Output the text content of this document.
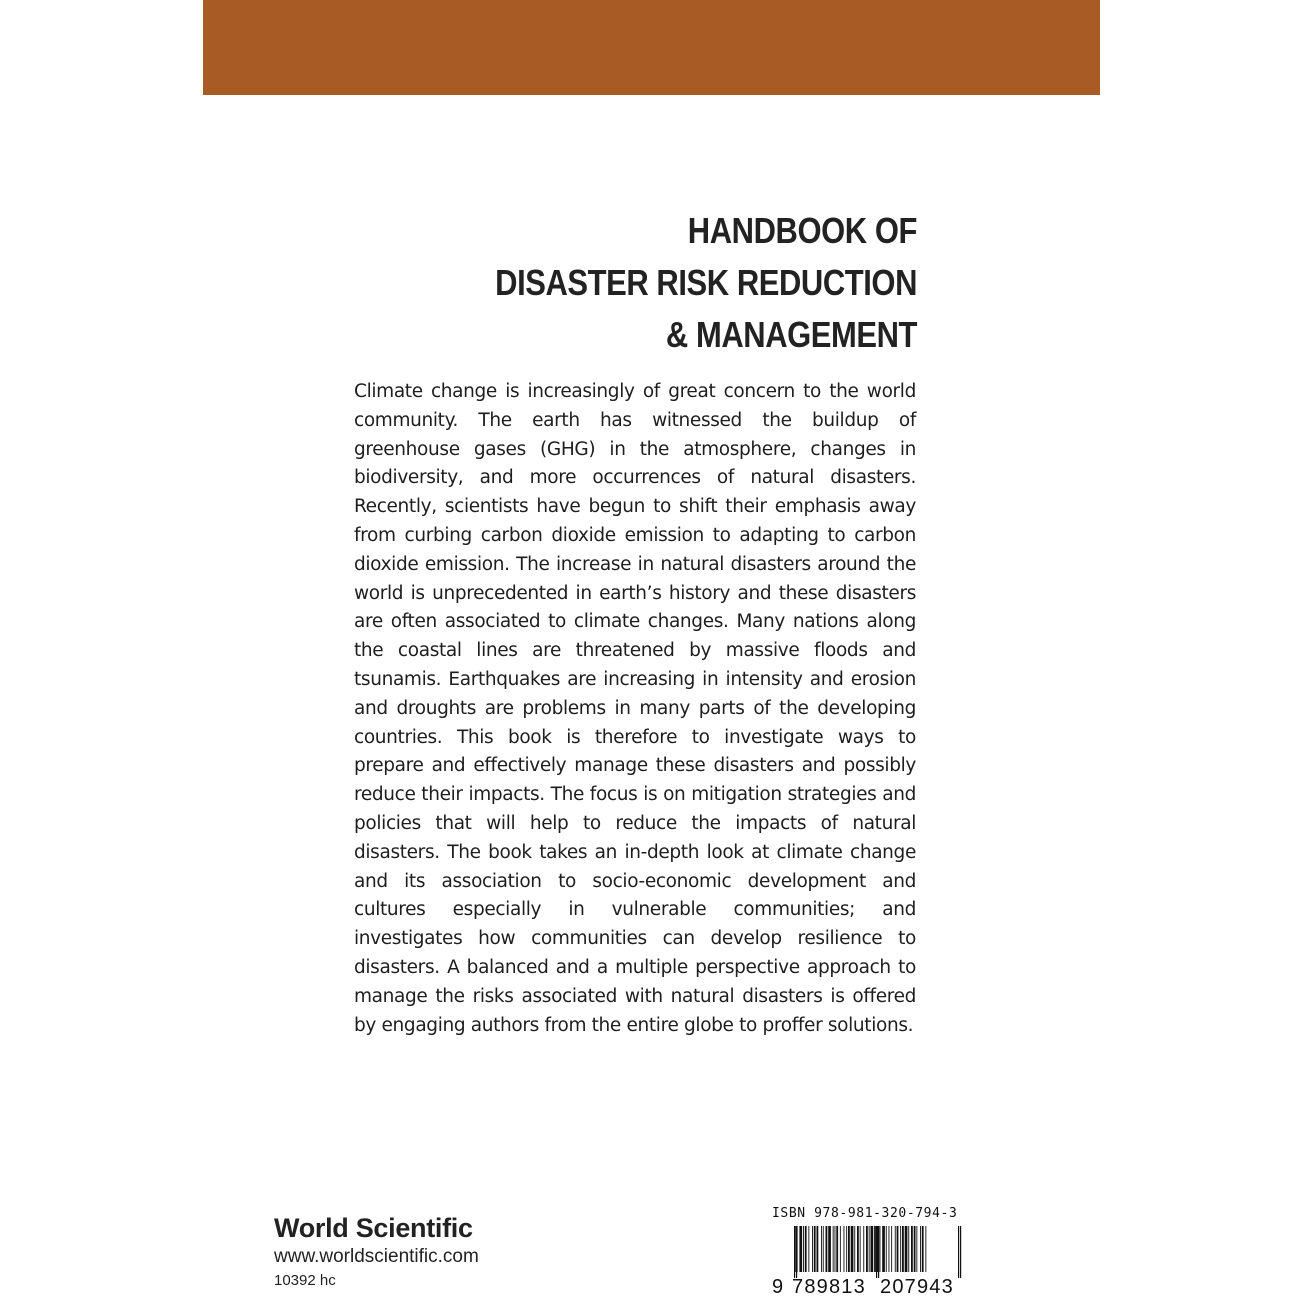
HANDBOOK OF
DISASTER RISK REDUCTION
& MANAGEMENT
Climate change is increasingly of great concern to the world community. The earth has witnessed the buildup of greenhouse gases (GHG) in the atmosphere, changes in biodiversity, and more occurrences of natural disasters. Recently, scientists have begun to shift their emphasis away from curbing carbon dioxide emission to adapting to carbon dioxide emission. The increase in natural disasters around the world is unprecedented in earth’s history and these disasters are often associated to climate changes. Many nations along the coastal lines are threatened by massive floods and tsunamis. Earthquakes are increasing in intensity and erosion and droughts are problems in many parts of the developing countries. This book is therefore to investigate ways to prepare and effectively manage these disasters and possibly reduce their impacts. The focus is on mitigation strategies and policies that will help to reduce the impacts of natural disasters. The book takes an in-depth look at climate change and its association to socio-economic development and cultures especially in vulnerable communities; and investigates how communities can develop resilience to disasters. A balanced and a multiple perspective approach to manage the risks associated with natural disasters is offered by engaging authors from the entire globe to proffer solutions.
World Scientific
www.worldscientific.com
10392 hc
ISBN 978-981-320-794-3
9 789813 207943
